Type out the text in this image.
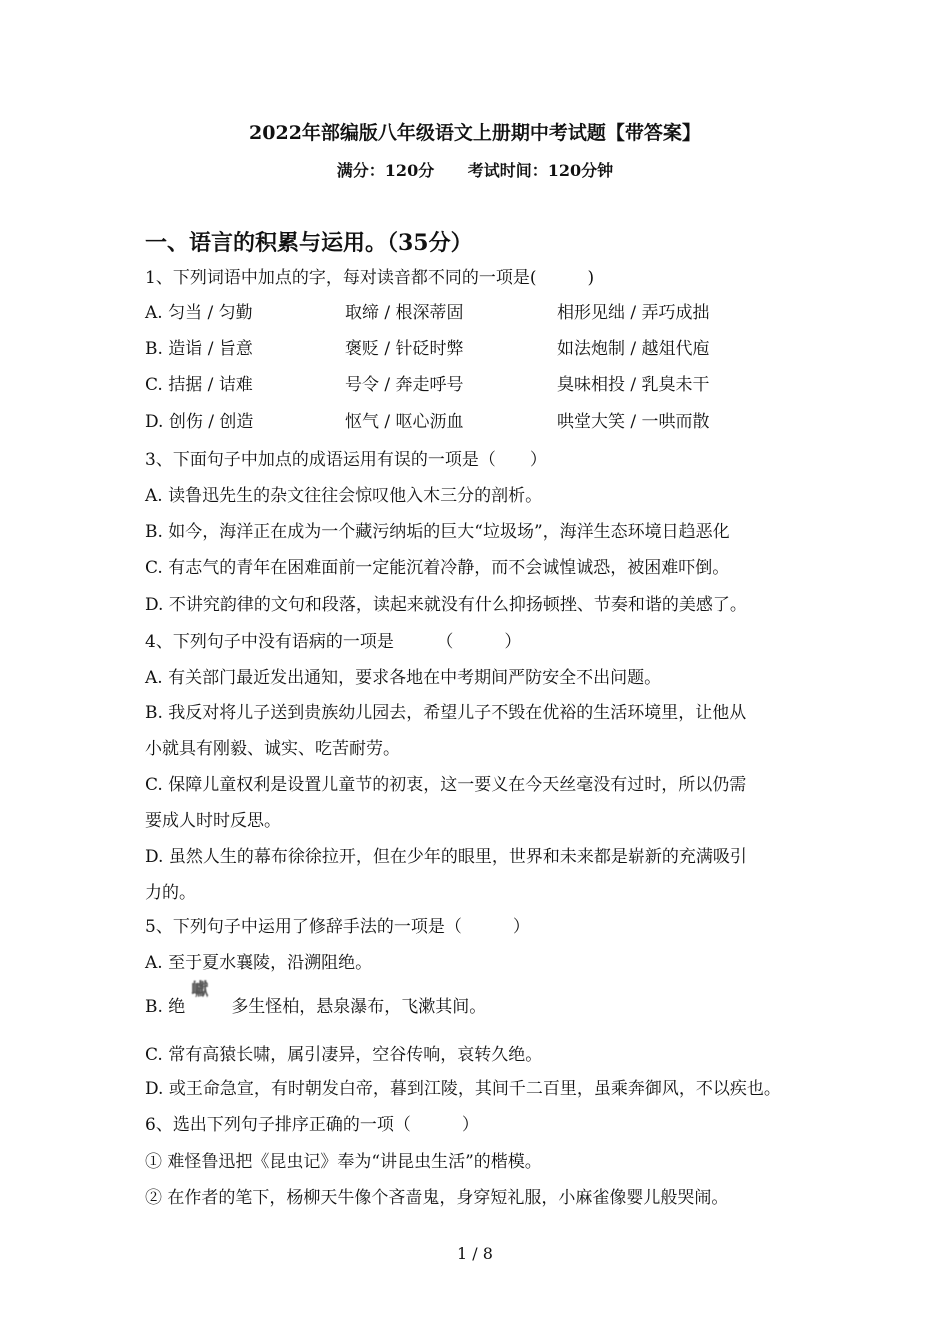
2022年部编版八年级语文上册期中考试题【带答案】
满分：120分 考试时间：120分钟
一、语言的积累与运用。（35分）
1、下列词语中加点的字，每对读音都不同的一项是(　　　)
A. 匀当 / 匀勤	取缔 / 根深蒂固	相形见绌 / 弄巧成拙
B. 造诣 / 旨意	褒贬 / 针砭时弊	如法炮制 / 越俎代庖
C. 拮据 / 诘难	号令 / 奔走呼号	臭味相投 / 乳臭未干
D. 创伤 / 创造	怄气 / 呕心沥血	哄堂大笑 / 一哄而散
3、下面句子中加点的成语运用有误的一项是（　　）
A. 读鲁迅先生的杂文往往会惊叹他入木三分的剖析。
B. 如今，海洋正在成为一个藏污纳垢的巨大“垃圾场”，海洋生态环境日趋恶化
C. 有志气的青年在困难面前一定能沉着冷静，而不会诚惶诚恐，被困难吓倒。
D. 不讲究韵律的文句和段落，读起来就没有什么抑扬顿挫、节奏和谐的美感了。
4、下列句子中没有语病的一项是　　　（　　　）
A. 有关部门最近发出通知，要求各地在中考期间严防安全不出问题。
B. 我反对将儿子送到贵族幼儿园去，希望儿子不毁在优裕的生活环境里，让他从
小就具有刚毅、诚实、吃苦耐劳。
C. 保障儿童权利是设置儿童节的初衷，这一要义在今天丝毫没有过时，所以仍需
要成人时时反思。
D. 虽然人生的幕布徐徐拉开，但在少年的眼里，世界和未来都是崭新的充满吸引
力的。
5、下列句子中运用了修辞手法的一项是（　　　）
A. 至于夏水襄陵，沿溯阻绝。
B. 绝
巘
多生怪柏，悬泉瀑布，飞漱其间。
C. 常有高猿长啸，属引凄异，空谷传响，哀转久绝。
D. 或王命急宣，有时朝发白帝，暮到江陵，其间千二百里，虽乘奔御风，不以疾也。
6、选出下列句子排序正确的一项（　　　）
① 难怪鲁迅把《昆虫记》奉为“讲昆虫生活”的楷模。
② 在作者的笔下，杨柳天牛像个吝啬鬼，身穿短礼服，小麻雀像婴儿般哭闹。
1 / 8
